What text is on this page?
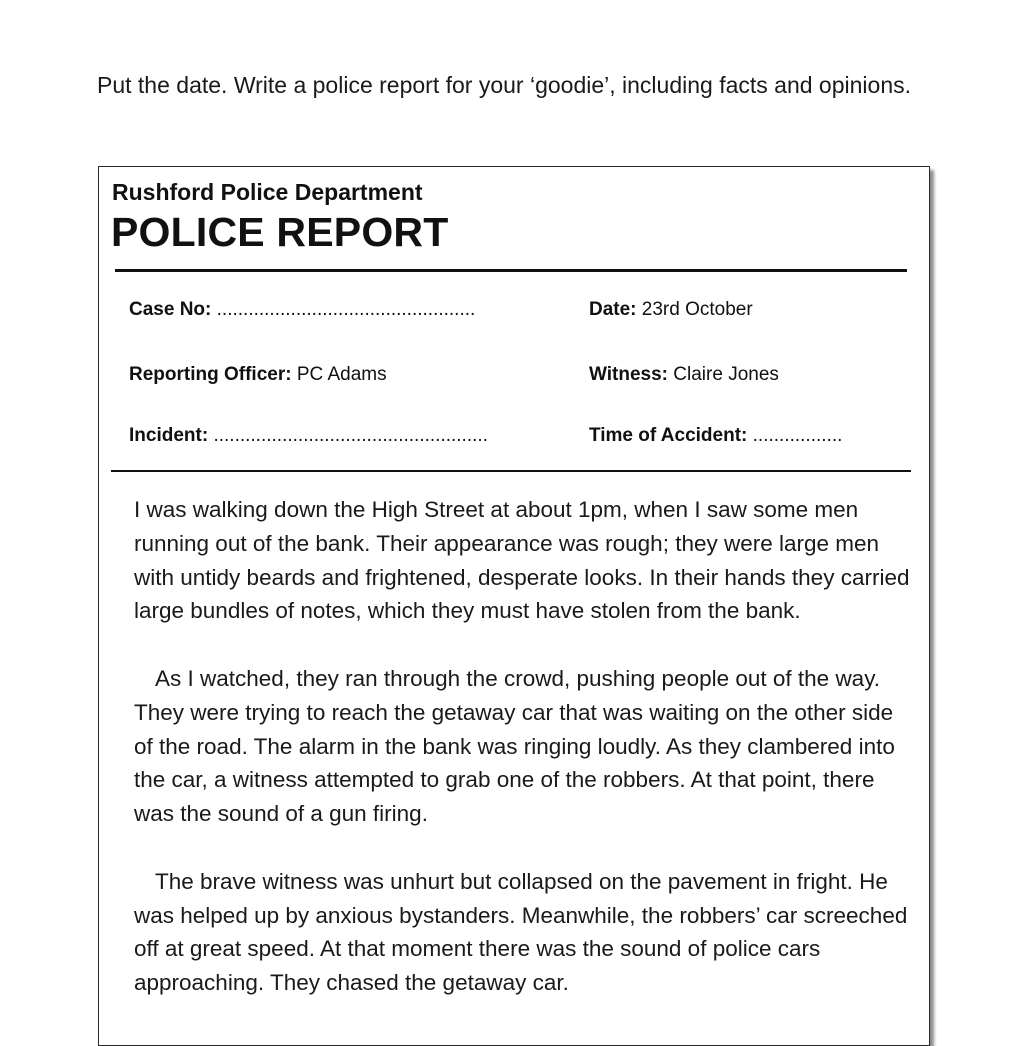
Put the date. Write a police report for your ‘goodie’, including facts and opinions.

Rushford Police Department
POLICE REPORT
Case No: .................................................	Date: 23rd October
Reporting Officer: PC Adams	Witness: Claire Jones
Incident: ....................................................	Time of Accident: .................

I was walking down the High Street at about 1pm, when I saw some men running out of the bank. Their appearance was rough; they were large men with untidy beards and frightened, desperate looks. In their hands they carried large bundles of notes, which they must have stolen from the bank.

As I watched, they ran through the crowd, pushing people out of the way. They were trying to reach the getaway car that was waiting on the other side of the road. The alarm in the bank was ringing loudly. As they clambered into the car, a witness attempted to grab one of the robbers. At that point, there was the sound of a gun firing.

The brave witness was unhurt but collapsed on the pavement in fright. He was helped up by anxious bystanders. Meanwhile, the robbers’ car screeched off at great speed. At that moment there was the sound of police cars approaching. They chased the getaway car.
